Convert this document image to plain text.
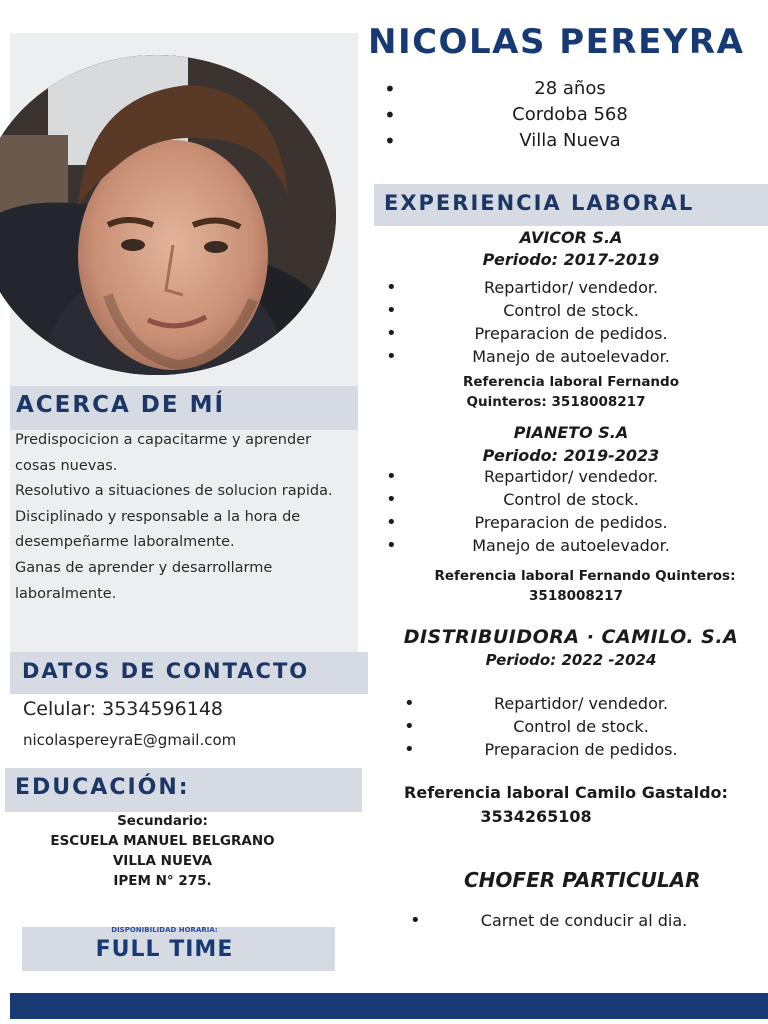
NICOLAS PEREYRA
• 28 años
• Cordoba 568
• Villa Nueva
ACERCA DE MÍ

Predispocicion a capacitarme y aprender cosas nuevas.

Resolutivo a situaciones de solucion rapida.

Disciplinado y responsable a la hora de desempeñarme laboralmente.

Ganas de aprender y desarrollarme laboralmente.

DATOS DE CONTACTO
Celular: 3534596148
nicolaspereyraE@gmail.com
EDUCACIÓN:
Secundario:
ESCUELA MANUEL BELGRANO
VILLA NUEVA
IPEM N° 275.
DISPONIBILIDAD HORARIA:
FULL TIME
EXPERIENCIA LABORAL

AVICOR S.A

Periodo: 2017-2019

• Repartidor/ vendedor.
• Control de stock.
• Preparacion de pedidos.
• Manejo de autoelevador.

Referencia laboral Fernando

Quinteros: 3518008217

PIANETO S.A

Periodo: 2019-2023

• Repartidor/ vendedor.
• Control de stock.
• Preparacion de pedidos.
• Manejo de autoelevador.

Referencia laboral Fernando Quinteros:

3518008217

DISTRIBUIDORA · CAMILO. S.A

Periodo: 2022 -2024

• Repartidor/ vendedor.
• Control de stock.
• Preparacion de pedidos.

Referencia laboral Camilo Gastaldo:

3534265108

CHOFER PARTICULAR

• Carnet de conducir al dia.
